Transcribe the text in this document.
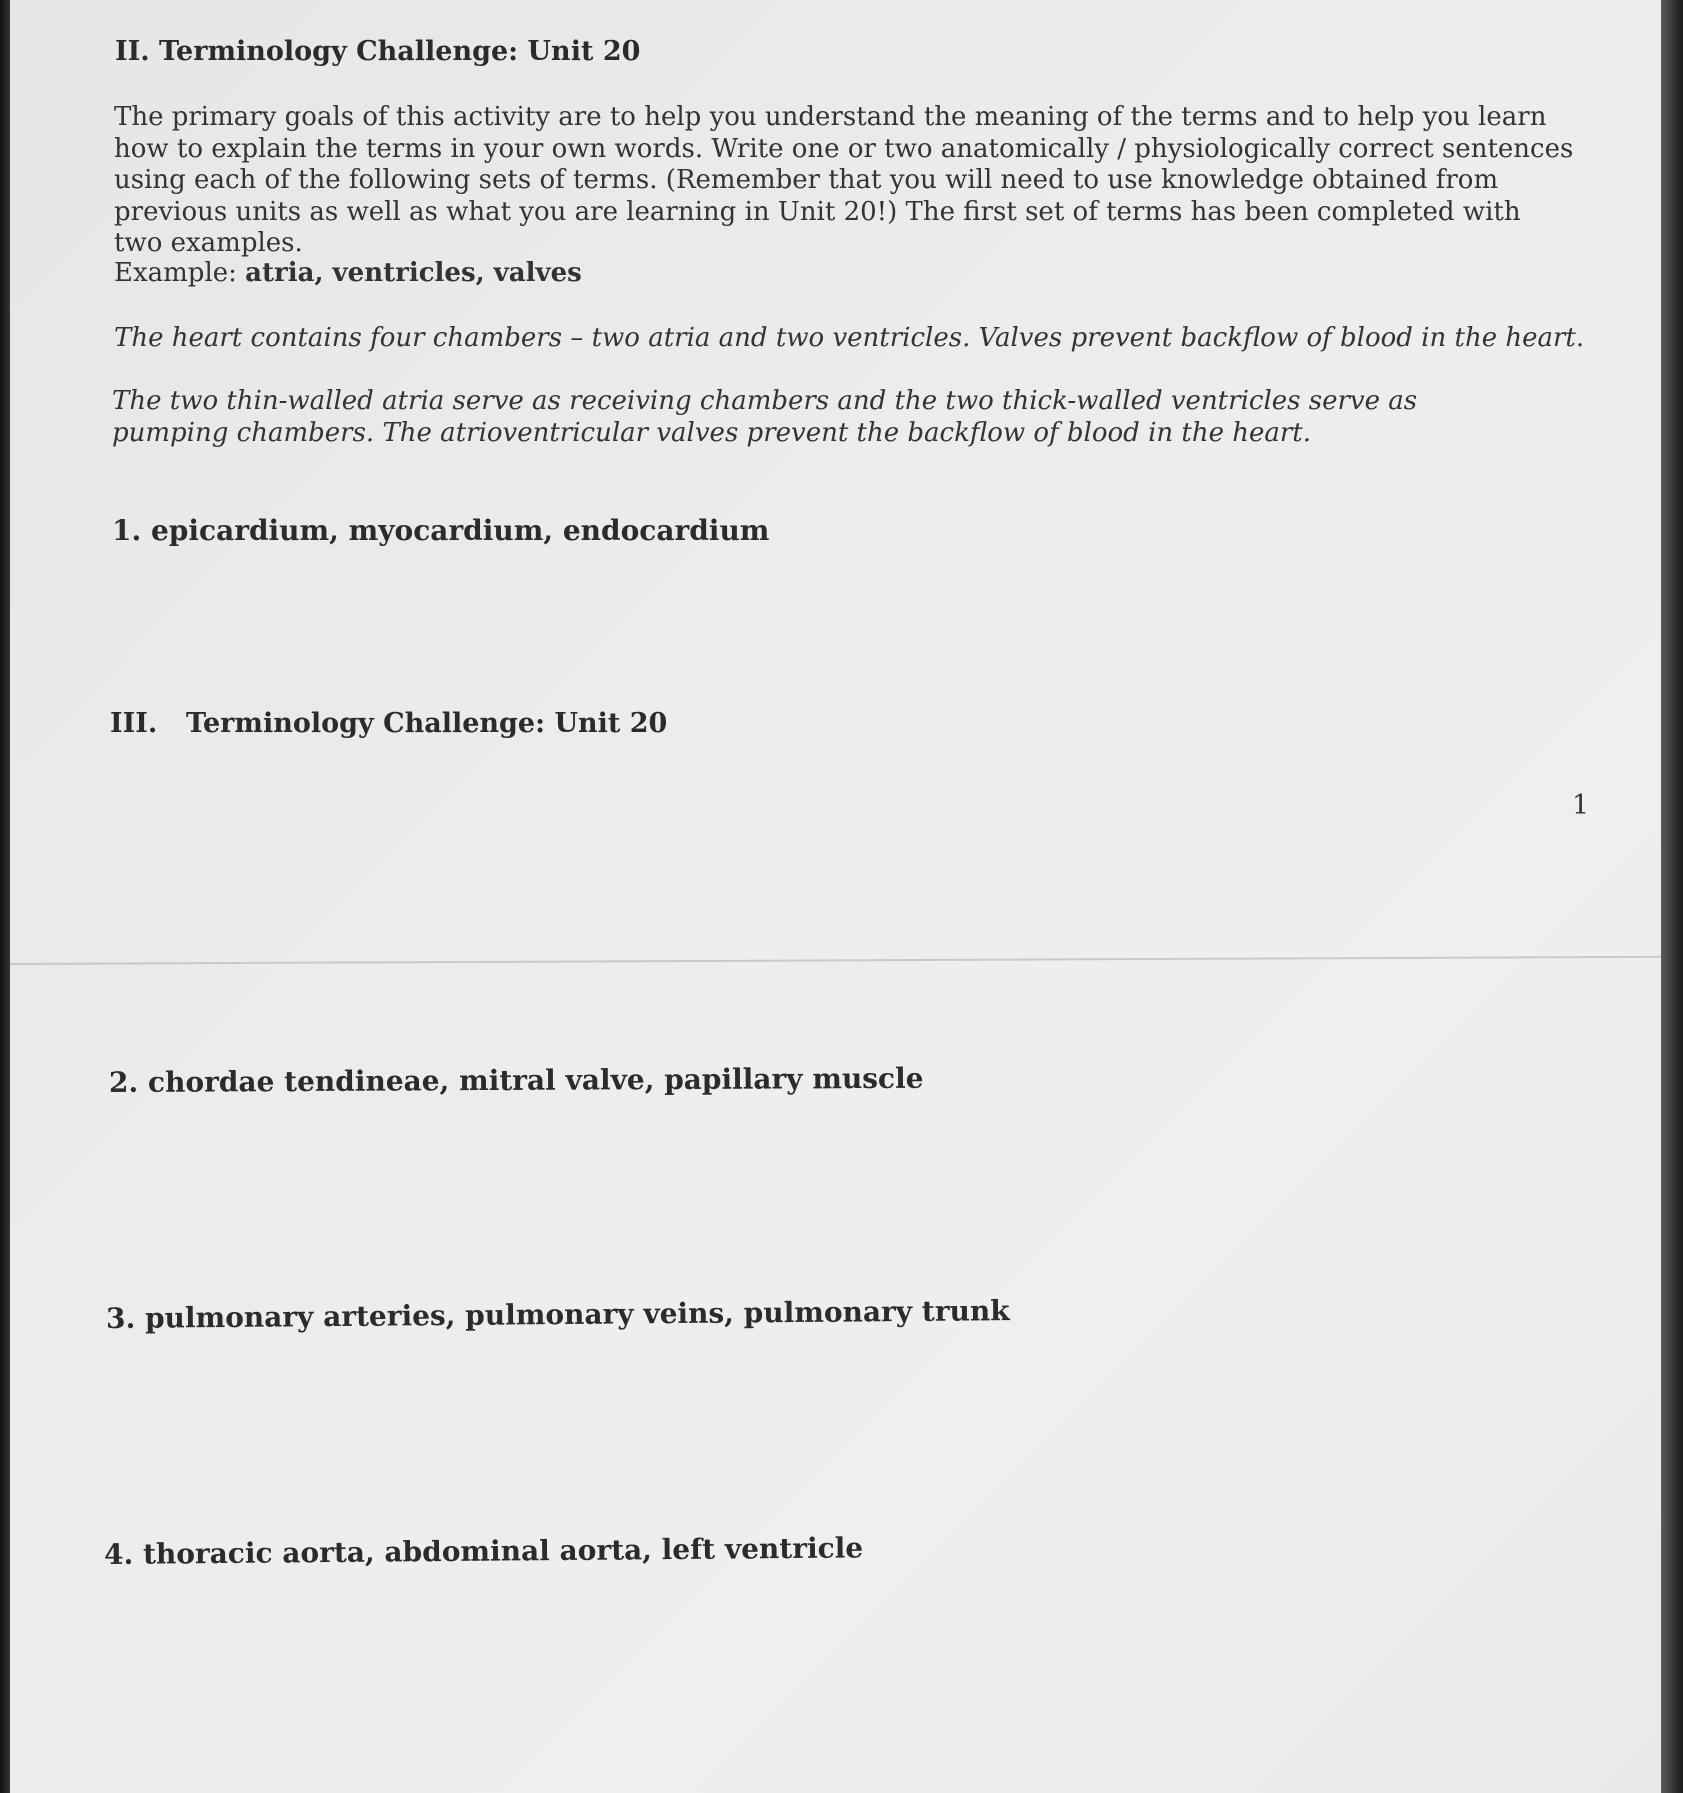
II. Terminology Challenge: Unit 20
The primary goals of this activity are to help you understand the meaning of the terms and to help you learn how to explain the terms in your own words. Write one or two anatomically / physiologically correct sentences using each of the following sets of terms. (Remember that you will need to use knowledge obtained from previous units as well as what you are learning in Unit 20!) The first set of terms has been completed with two examples.
Example: atria, ventricles, valves
The heart contains four chambers – two atria and two ventricles. Valves prevent backflow of blood in the heart.
The two thin-walled atria serve as receiving chambers and the two thick-walled ventricles serve as pumping chambers. The atrioventricular valves prevent the backflow of blood in the heart.
1. epicardium, myocardium, endocardium
III. Terminology Challenge: Unit 20
1
2. chordae tendineae, mitral valve, papillary muscle
3. pulmonary arteries, pulmonary veins, pulmonary trunk
4. thoracic aorta, abdominal aorta, left ventricle
